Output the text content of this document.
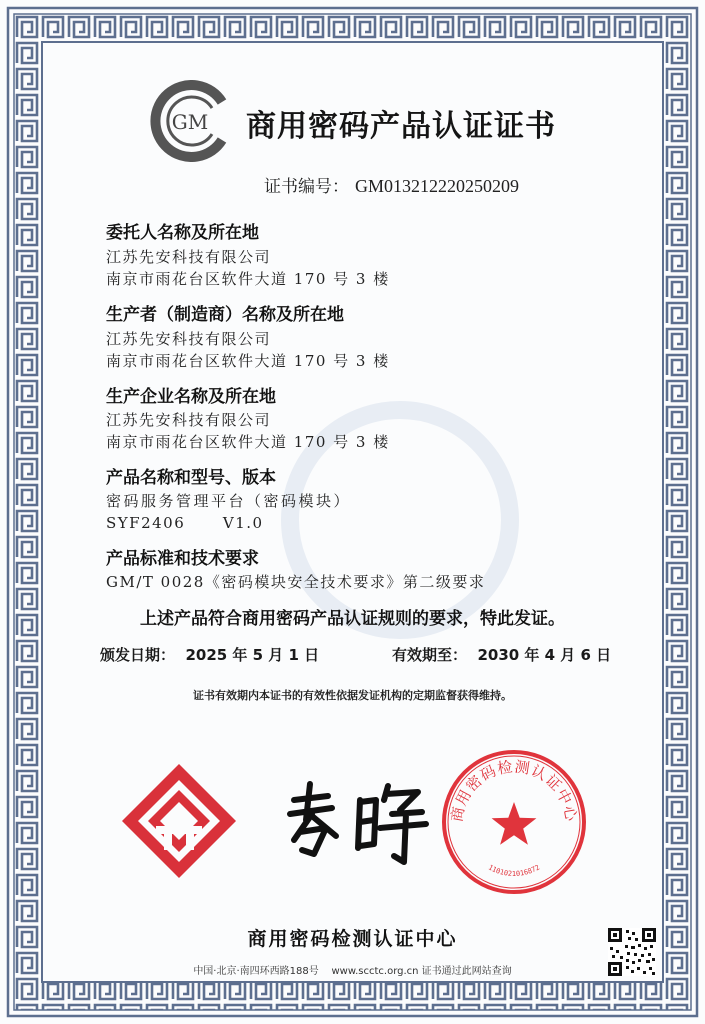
GM 商用密码产品认证证书
证书编号： GM013212220250209
委托人名称及所在地
江苏先安科技有限公司
南京市雨花台区软件大道 170 号 3 楼
生产者（制造商）名称及所在地
江苏先安科技有限公司
南京市雨花台区软件大道 170 号 3 楼
生产企业名称及所在地
江苏先安科技有限公司
南京市雨花台区软件大道 170 号 3 楼
产品名称和型号、版本
密码服务管理平台（密码模块）
SYF2406      V1.0
产品标准和技术要求
GM/T 0028《密码模块安全技术要求》第二级要求
上述产品符合商用密码产品认证规则的要求，特此发证。
颁发日期：  2025 年 5 月 1 日	有效期至：  2030 年 4 月 6 日
证书有效期内本证书的有效性依据发证机构的定期监督获得维持。
商用密码检测认证中心
1101021016872
商用密码检测认证中心
中国·北京·南四环西路188号    www.scctc.org.cn 证书通过此网站查询
